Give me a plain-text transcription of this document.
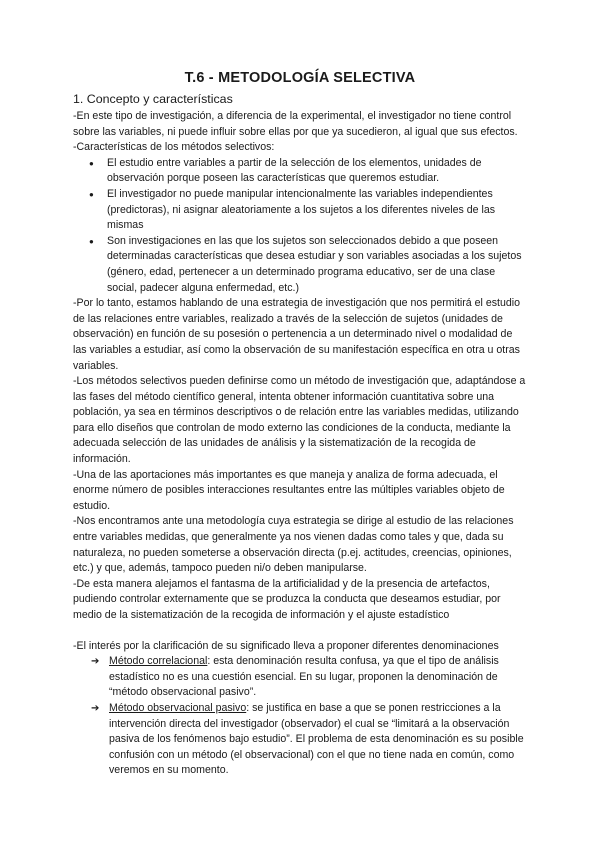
T.6 - METODOLOGÍA SELECTIVA
1. Concepto y características

-En este tipo de investigación, a diferencia de la experimental, el investigador no tiene control sobre las variables, ni puede influir sobre ellas por que ya sucedieron, al igual que sus efectos.

-Características de los métodos selectivos:

● El estudio entre variables a partir de la selección de los elementos, unidades de observación porque poseen las características que queremos estudiar.
● El investigador no puede manipular intencionalmente las variables independientes (predictoras), ni asignar aleatoriamente a los sujetos a los diferentes niveles de las mismas
● Son investigaciones en las que los sujetos son seleccionados debido a que poseen determinadas características que desea estudiar y son variables asociadas a los sujetos (género, edad, pertenecer a un determinado programa educativo, ser de una clase social, padecer alguna enfermedad, etc.)

-Por lo tanto, estamos hablando de una estrategia de investigación que nos permitirá el estudio de las relaciones entre variables, realizado a través de la selección de sujetos (unidades de observación) en función de su posesión o pertenencia a un determinado nivel o modalidad de las variables a estudiar, así como la observación de su manifestación específica en otra u otras variables.

-Los métodos selectivos pueden definirse como un método de investigación que, adaptándose a las fases del método científico general, intenta obtener información cuantitativa sobre una población, ya sea en términos descriptivos o de relación entre las variables medidas, utilizando para ello diseños que controlan de modo externo las condiciones de la conducta, mediante la adecuada selección de las unidades de análisis y la sistematización de la recogida de información.

-Una de las aportaciones más importantes es que maneja y analiza de forma adecuada, el enorme número de posibles interacciones resultantes entre las múltiples variables objeto de estudio.

-Nos encontramos ante una metodología cuya estrategia se dirige al estudio de las relaciones entre variables medidas, que generalmente ya nos vienen dadas como tales y que, dada su naturaleza, no pueden someterse a observación directa (p.ej. actitudes, creencias, opiniones, etc.) y que, además, tampoco pueden ni/o deben manipularse.

-De esta manera alejamos el fantasma de la artificialidad y de la presencia de artefactos, pudiendo controlar externamente que se produzca la conducta que deseamos estudiar, por medio de la sistematización de la recogida de información y el ajuste estadístico

-El interés por la clarificación de su significado lleva a proponer diferentes denominaciones

➔ Método correlacional: esta denominación resulta confusa, ya que el tipo de análisis estadístico no es una cuestión esencial. En su lugar, proponen la denominación de “método observacional pasivo”.
➔ Método observacional pasivo: se justifica en base a que se ponen restricciones a la intervención directa del investigador (observador) el cual se “limitará a la observación pasiva de los fenómenos bajo estudio”. El problema de esta denominación es su posible confusión con un método (el observacional) con el que no tiene nada en común, como veremos en su momento.
